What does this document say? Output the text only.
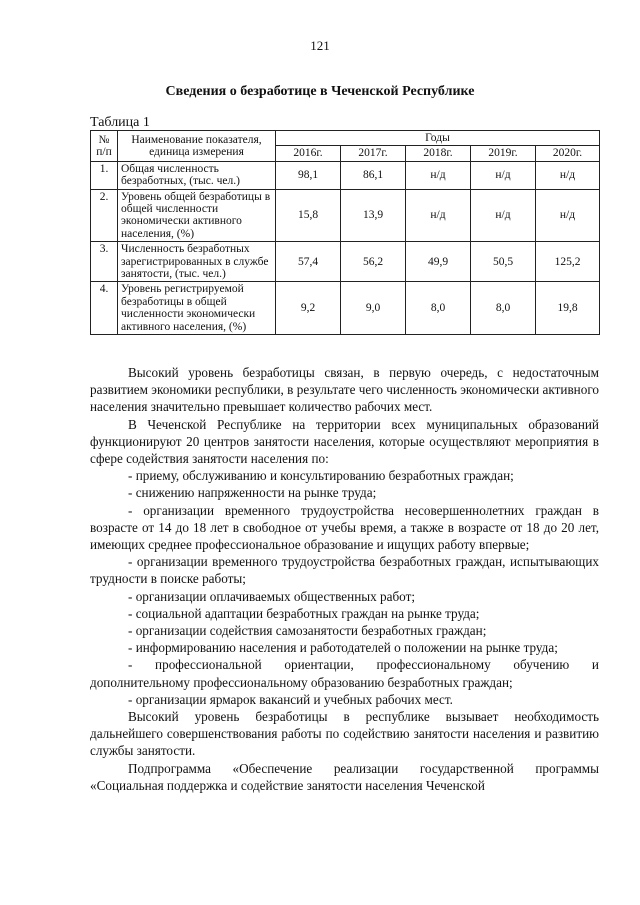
121
Сведения о безработице в Чеченской Республике
Таблица 1
№ п/п	Наименование показателя, единица измерения	Годы				
		2016г.	2017г.	2018г.	2019г.	2020г.
1.	Общая численность безработных, (тыс. чел.)	98,1	86,1	н/д	н/д	н/д
2.	Уровень общей безработицы в общей численности экономически активного населения, (%)	15,8	13,9	н/д	н/д	н/д
3.	Численность безработных зарегистрированных в службе занятости, (тыс. чел.)	57,4	56,2	49,9	50,5	125,2
4.	Уровень регистрируемой безработицы в общей численности экономически активного населения, (%)	9,2	9,0	8,0	8,0	19,8

Высокий уровень безработицы связан, в первую очередь, с недостаточным развитием экономики республики, в результате чего численность экономически активного населения значительно превышает количество рабочих мест.

В Чеченской Республике на территории всех муниципальных образований функционируют 20 центров занятости населения, которые осуществляют мероприятия в сфере содействия занятости населения по:

- приему, обслуживанию и консультированию безработных граждан;

- снижению напряженности на рынке труда;

- организации временного трудоустройства несовершеннолетних граждан в возрасте от 14 до 18 лет в свободное от учебы время, а также в возрасте от 18 до 20 лет, имеющих среднее профессиональное образование и ищущих работу впервые;

- организации временного трудоустройства безработных граждан, испытывающих трудности в поиске работы;

- организации оплачиваемых общественных работ;

- социальной адаптации безработных граждан на рынке труда;

- организации содействия самозанятости безработных граждан;

- информированию населения и работодателей о положении на рынке труда;

- профессиональной ориентации, профессиональному обучению и дополнительному профессиональному образованию безработных граждан;

- организации ярмарок вакансий и учебных рабочих мест.

Высокий уровень безработицы в республике вызывает необходимость дальнейшего совершенствования работы по содействию занятости населения и развитию службы занятости.

Подпрограмма «Обеспечение реализации государственной программы «Социальная поддержка и содействие занятости населения Чеченской
